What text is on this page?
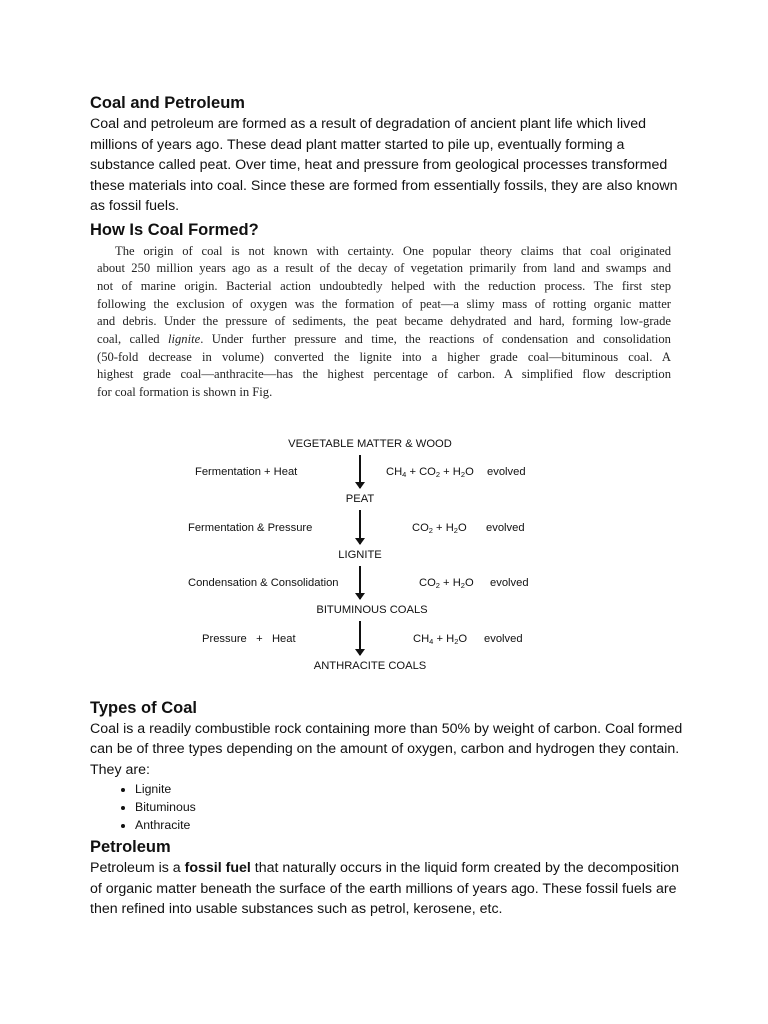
Coal and Petroleum

Coal and petroleum are formed as a result of degradation of ancient plant life which lived millions of years ago. These dead plant matter started to pile up, eventually forming a substance called peat. Over time, heat and pressure from geological processes transformed these materials into coal. Since these are formed from essentially fossils, they are also known as fossil fuels.

How Is Coal Formed?
The origin of coal is not known with certainty. One popular theory claims that coal originated
about 250 million years ago as a result of the decay of vegetation primarily from land and swamps and
not of marine origin. Bacterial action undoubtedly helped with the reduction process. The first step
following the exclusion of oxygen was the formation of peat—a slimy mass of rotting organic matter
and debris. Under the pressure of sediments, the peat became dehydrated and hard, forming low-grade
coal, called lignite. Under further pressure and time, the reactions of condensation and consolidation
(50-fold decrease in volume) converted the lignite into a higher grade coal—bituminous coal. A
highest grade coal—anthracite—has the highest percentage of carbon. A simplified flow description
for coal formation is shown in Fig.
VEGETABLE MATTER & WOOD
PEAT
LIGNITE
BITUMINOUS COALS
ANTHRACITE COALS
Fermentation + Heat
Fermentation & Pressure
Condensation & Consolidation
Pressure   +   Heat
$CH_4 + CO_2 + H_2O$ evolved
$CO_2 + H_2O$ evolved
$CO_2 + H_2O$ evolved
$CH_4 + H_2O$ evolved
Types of Coal

Coal is a readily combustible rock containing more than 50% by weight of carbon. Coal formed can be of three types depending on the amount of oxygen, carbon and hydrogen they contain. They are:

• Lignite
• Bituminous
• Anthracite
Petroleum

Petroleum is a fossil fuel that naturally occurs in the liquid form created by the decomposition of organic matter beneath the surface of the earth millions of years ago. These fossil fuels are then refined into usable substances such as petrol, kerosene, etc.
